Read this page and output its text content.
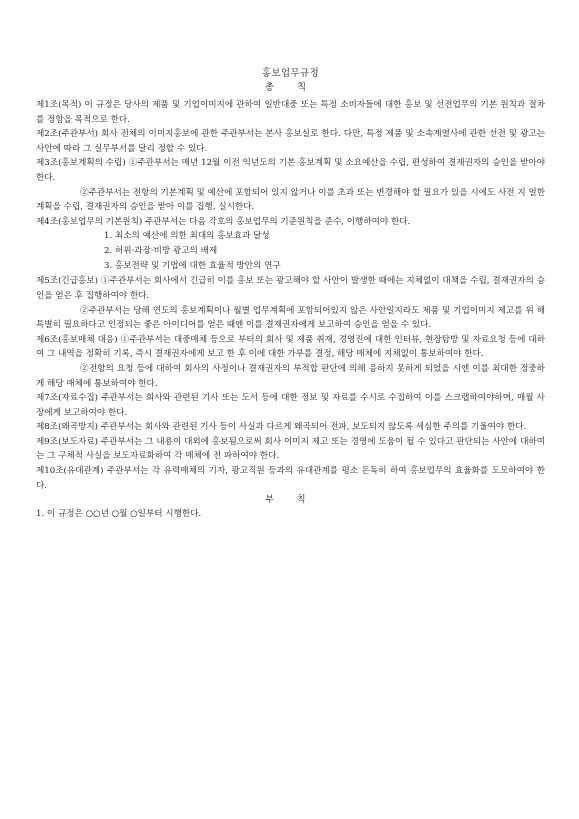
홍보업무규정

총 칙

제1조(목적) 이 규정은 당사의 제품 및 기업이미지에 관하여 일반대중 또는 특정 소비자들에 대한 홍보 및 선전업무의 기본 원칙과 절차를 정함을 목적으로 한다.

제2조(주관부서) 회사 전체의 이미지홍보에 관한 주관부서는 본사 홍보실로 한다. 다만, 특정 제품 및 소속계열사에 관한 선전 및 광고는 사안에 따라 그 실무부서를 달리 정할 수 있다.

제3조(홍보계획의 수립) ①주관부서는 매년 12월 이전 익년도의 기본 홍보계획 및 소요예산을 수립, 편성하여 결재권자의 승인을 받아야 한다.

②주관부서는 전항의 기본계획 및 예산에 포함되어 있지 않거나 이를 초과 또는 변경해야 할 필요가 있을 시에도 사전 지 얼한 계획을 수립, 결재권자의 승인을 받아 이를 집행, 실시한다.

제4조(홍보업무의 기본원칙) 주관부서는 다음 각호의 홍보업무의 기준원칙을 준수, 이행하여야 한다.

1. 최소의 예산에 의한 최대의 홍보효과 달성
2. 허위·과장·비방 광고의 배제
3. 홍보전략 및 기법에 대한 효율적 방안의 연구

제5조(긴급홍보) ①주관부서는 회사에서 긴급히 이를 홍보 또는 광고해야 할 사안이 발생한 때에는 지체없이 대책을 수립, 결재권자의 승인을 얻은 후 집행하여야 한다.

②주관부서는 당해 연도의 홍보계획이나 월별 업무계획에 포함되어있지 않은 사안일지라도 제품 및 기업이미지 제고를 위 해 특별히 필요하다고 인정되는 좋은 아이디어를 얻은 때엔 이를 결재권자에게 보고하여 승인을 얻을 수 있다.

제6조(홍보매체 대응) ①주관부서는 대중매체 등으로 부터의 회사 및 제품 취재, 경영진에 대한 인터뷰, 현장탐방 및 자료요청 등에 대하여 그 내역을 정확히 기록, 즉시 결재권자에게 보고 한 후 이에 대한 가부를 결정, 해당 매체에 지체없이 통보하여야 한다.

②전항의 요청 등에 대하여 회사의 사정이나 결재권자의 부적합 판단에 의해 응하지 못하게 되었을 시엔 이를 최대한 정중하게 해당 매체에 통보하여야 한다.

제7조(자료수집) 주관부서는 회사와 관련된 기사 또는 도서 등에 대한 정보 및 자료를 수시로 수집하여 이를 스크랩하여야하며, 매월 사장에게 보고하여야 한다.

제8조(왜곡방지) 주관부서는 회사와 관련된 기사 등이 사실과 다르게 왜곡되어 전파, 보도되지 않도록 세심한 주의를 기울여야 한다.

제9조(보도자료) 주관부서는 그 내용이 대외에 홍보됨으로써 회사 이미지 제고 또는 경영에 도움이 될 수 있다고 판단되는 사안에 대하여는 그 구체적 사실을 보도자료화하여 각 매체에 전 파하여야 한다.

제10조(유대관계) 주관부서는 각 유력매체의 기자, 광고직원 등과의 유대관계를 평소 돈독히 하여 홍보업무의 효율화를 도모하여야 한다.

부 칙

1. 이 규정은 ○○년 ○월 ○일부터 시행한다.
